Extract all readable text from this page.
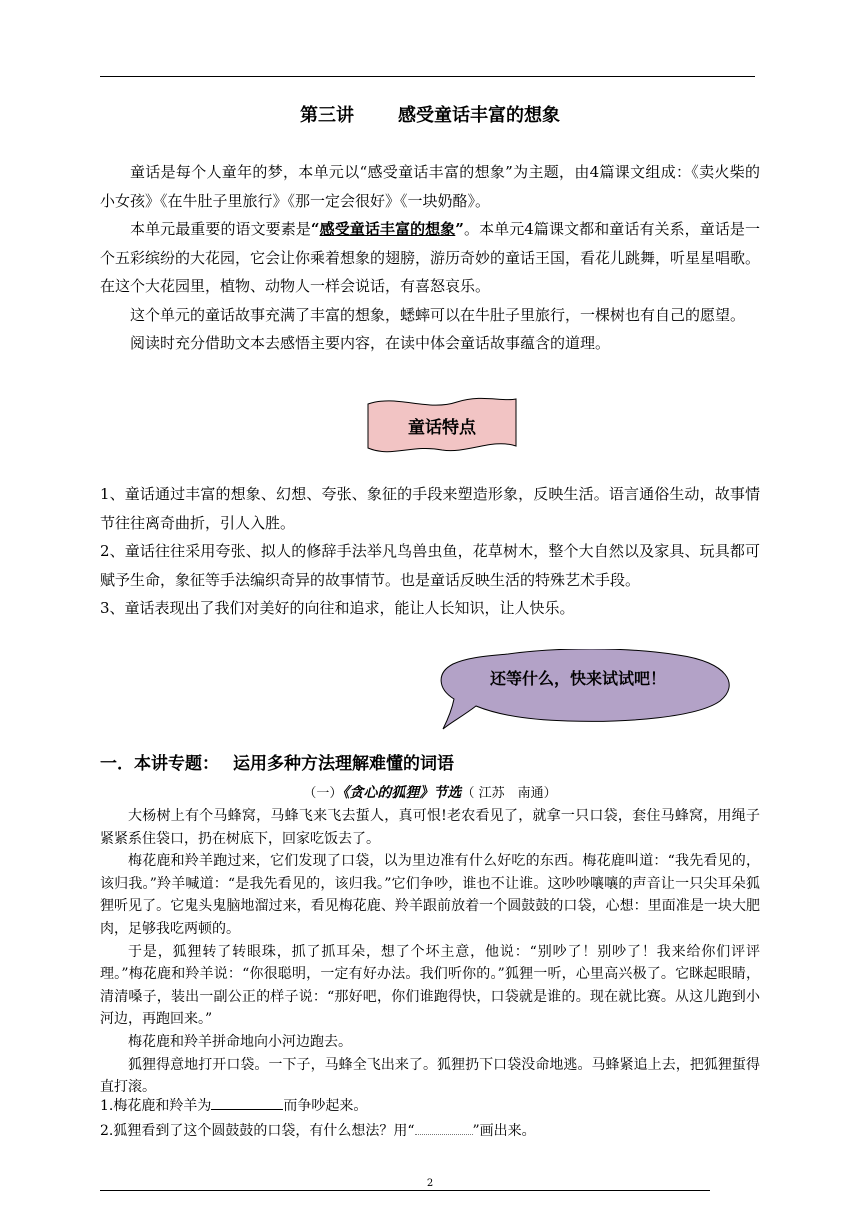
第三讲 感受童话丰富的想象

童话是每个人童年的梦，本单元以“感受童话丰富的想象”为主题，由4篇课文组成：《卖火柴的小女孩》《在牛肚子里旅行》《那一定会很好》《一块奶酪》。

本单元最重要的语文要素是“感受童话丰富的想象”。本单元4篇课文都和童话有关系，童话是一个五彩缤纷的大花园，它会让你乘着想象的翅膀，游历奇妙的童话王国，看花儿跳舞，听星星唱歌。在这个大花园里，植物、动物人一样会说话，有喜怒哀乐。

这个单元的童话故事充满了丰富的想象，蟋蟀可以在牛肚子里旅行，一棵树也有自己的愿望。

阅读时充分借助文本去感悟主要内容，在读中体会童话故事蕴含的道理。

童话特点

1、童话通过丰富的想象、幻想、夸张、象征的手段来塑造形象，反映生活。语言通俗生动，故事情节往往离奇曲折，引人入胜。

2、童话往往采用夸张、拟人的修辞手法举凡鸟兽虫鱼，花草树木，整个大自然以及家具、玩具都可赋予生命，象征等手法编织奇异的故事情节。也是童话反映生活的特殊艺术手段。

3、童话表现出了我们对美好的向往和追求，能让人长知识，让人快乐。

还等什么，快来试试吧！
一．本讲专题： 运用多种方法理解难懂的词语
（一）《贪心的狐狸》节选（ 江苏　南通）

大杨树上有个马蜂窝，马蜂飞来飞去蜇人，真可恨!老农看见了，就拿一只口袋，套住马蜂窝，用绳子紧紧系住袋口，扔在树底下，回家吃饭去了。

梅花鹿和羚羊跑过来，它们发现了口袋，以为里边准有什么好吃的东西。梅花鹿叫道：“我先看见的，该归我。”羚羊喊道：“是我先看见的，该归我。”它们争吵，谁也不让谁。这吵吵嚷嚷的声音让一只尖耳朵狐狸听见了。它鬼头鬼脑地溜过来，看见梅花鹿、羚羊跟前放着一个圆鼓鼓的口袋，心想：里面准是一块大肥肉，足够我吃两顿的。

于是，狐狸转了转眼珠，抓了抓耳朵，想了个坏主意，他说：“别吵了！别吵了！我来给你们评评理。”梅花鹿和羚羊说：“你很聪明，一定有好办法。我们听你的。”狐狸一听，心里高兴极了。它眯起眼睛，清清嗓子，装出一副公正的样子说：“那好吧，你们谁跑得快，口袋就是谁的。现在就比赛。从这儿跑到小河边，再跑回来。”

梅花鹿和羚羊拼命地向小河边跑去。

狐狸得意地打开口袋。一下子，马蜂全飞出来了。狐狸扔下口袋没命地逃。马蜂紧追上去，把狐狸蜇得直打滚。

1.梅花鹿和羚羊为	而争吵起来。

2.狐狸看到了这个圆鼓鼓的口袋，有什么想法？用“	”画出来。

2
